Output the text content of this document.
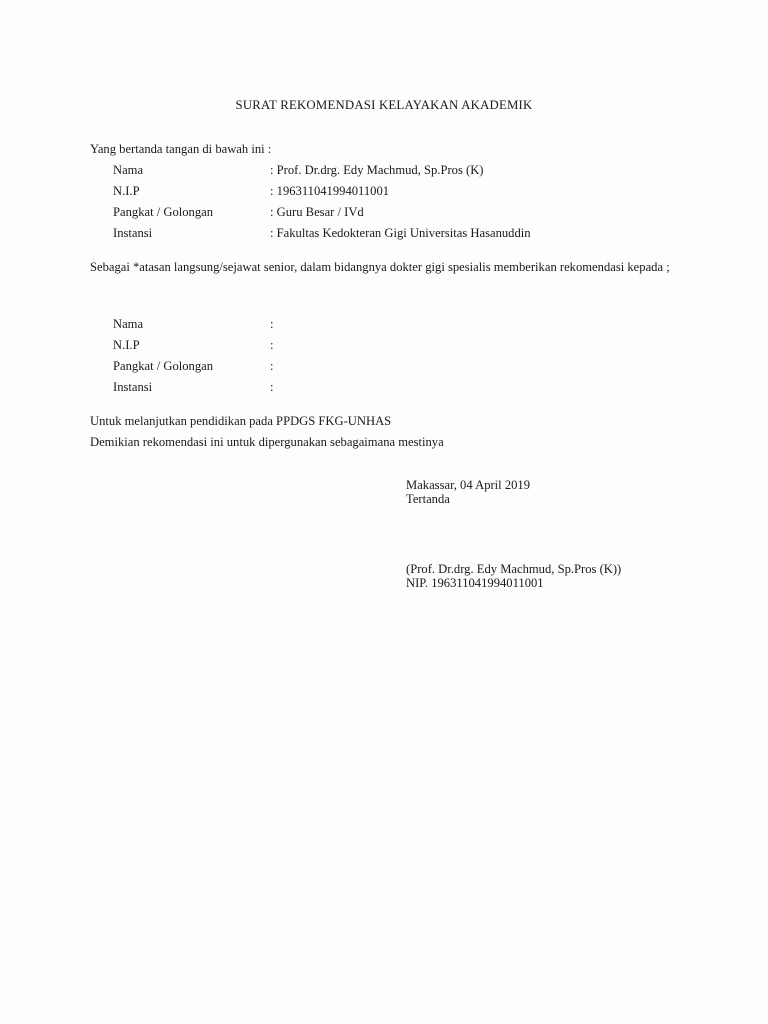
SURAT REKOMENDASI KELAYAKAN AKADEMIK
Yang bertanda tangan di bawah ini :
Nama	: Prof. Dr.drg. Edy Machmud, Sp.Pros (K)
N.I.P	: 196311041994011001
Pangkat / Golongan	: Guru Besar / IVd
Instansi	: Fakultas Kedokteran Gigi Universitas Hasanuddin
Sebagai *atasan langsung/sejawat senior, dalam bidangnya dokter gigi spesialis memberikan rekomendasi kepada ;
Nama	:
N.I.P	:
Pangkat / Golongan	:
Instansi	:
Untuk melanjutkan pendidikan pada PPDGS FKG-UNHAS
Demikian rekomendasi ini untuk dipergunakan sebagaimana mestinya
Makassar, 04 April 2019
Tertanda
(Prof. Dr.drg. Edy Machmud, Sp.Pros (K))
NIP. 196311041994011001
